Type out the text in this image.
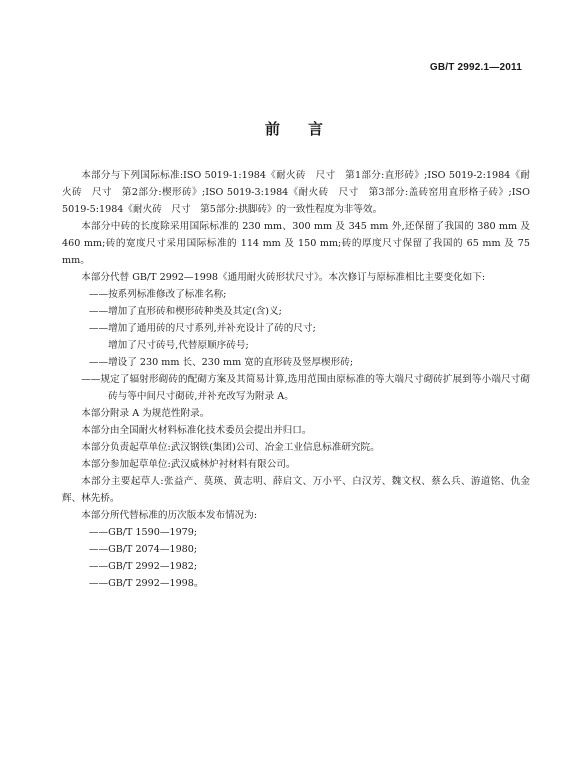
GB/T 2992.1—2011
前言

本部分与下列国际标准:ISO 5019-1:1984《耐火砖　尺寸　第1部分:直形砖》;ISO 5019-2:1984《耐火砖　尺寸　第2部分:楔形砖》;ISO 5019-3:1984《耐火砖　尺寸　第3部分:盖砖窑用直形格子砖》;ISO 5019-5:1984《耐火砖　尺寸　第5部分:拱脚砖》的一致性程度为非等效。

本部分中砖的长度除采用国际标准的 230 mm、300 mm 及 345 mm 外,还保留了我国的 380 mm 及 460 mm;砖的宽度尺寸采用国际标准的 114 mm 及 150 mm;砖的厚度尺寸保留了我国的 65 mm 及 75 mm。

本部分代替 GB/T 2992—1998《通用耐火砖形状尺寸》。本次修订与原标准相比主要变化如下:

——按系列标准修改了标准名称;

——增加了直形砖和楔形砖种类及其定(含)义;

——增加了通用砖的尺寸系列,并补充设计了砖的尺寸;

增加了尺寸砖号,代替原顺序砖号;

——增设了 230 mm 长、230 mm 宽的直形砖及竖厚楔形砖;

——规定了辐射形砌砖的配砌方案及其简易计算,选用范围由原标准的等大端尺寸砌砖扩展到等小端尺寸砌砖与等中间尺寸砌砖,并补充改写为附录 A。

本部分附录 A 为规范性附录。

本部分由全国耐火材料标准化技术委员会提出并归口。

本部分负责起草单位:武汉钢铁(集团)公司、冶金工业信息标准研究院。

本部分参加起草单位:武汉威林炉衬材料有限公司。

本部分主要起草人:张益产、莫瑛、黄志明、薛启文、万小平、白汉芳、魏文权、蔡么兵、游道铭、仇金辉、林先桥。

本部分所代替标准的历次版本发布情况为:

——GB/T 1590—1979;

——GB/T 2074—1980;

——GB/T 2992—1982;

——GB/T 2992—1998。
